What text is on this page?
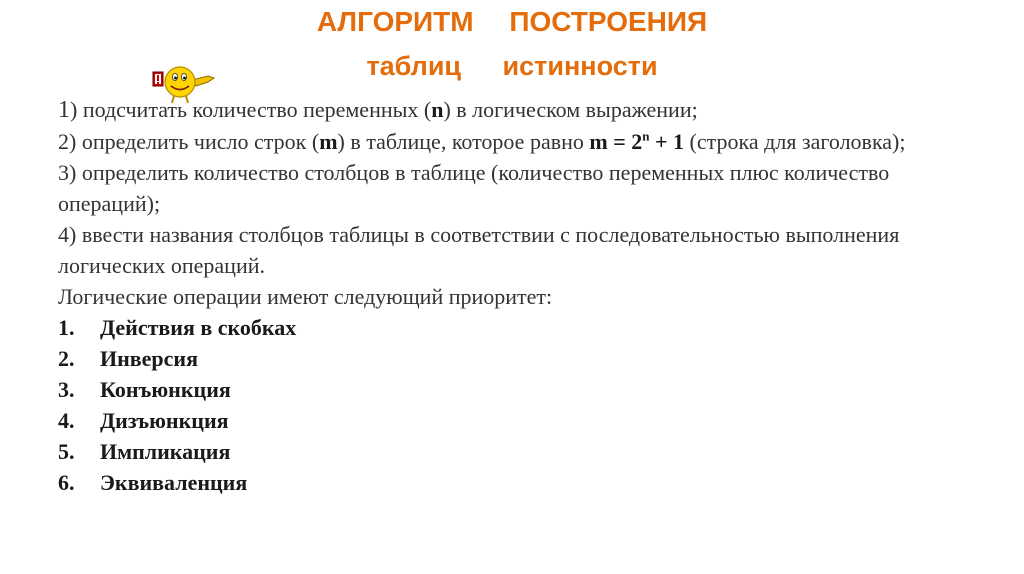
АЛГОРИТМ ПОСТРОЕНИЯ
таблиц истинности

1) подсчитать количество переменных (n) в логическом выражении;

2) определить число строк (m) в таблице, которое равно $m = 2^n + 1$ (строка для заголовка);

3) определить количество столбцов в таблице (количество переменных плюс количество операций);

4) ввести названия столбцов таблицы в соответствии с последовательностью выполнения логических операций.

Логические операции имеют следующий приоритет:

1.	Действия в скобках
2.	Инверсия
3.	Конъюнкция
4.	Дизъюнкция
5.	Импликация
6.	Эквиваленция
